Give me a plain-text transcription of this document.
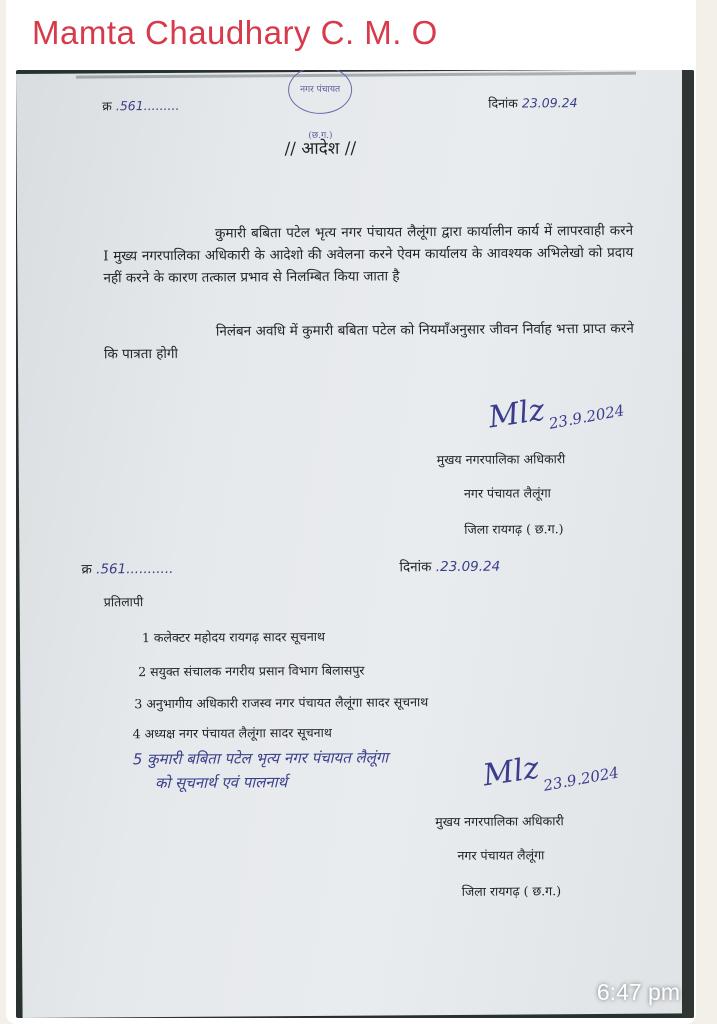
Mamta Chaudhary C. M. O
नगर पंचायत (छ.ग.)
क्र .561.........	दिनांक 23.09.24
// आदेश //
कुमारी बबिता पटेल भृत्य नगर पंचायत लैलूंगा द्वारा कार्यालीन कार्य में लापरवाही करने I मुख्य नगरपालिका अधिकारी के आदेशो की अवेलना करने ऐवम कार्यालय के आवश्यक अभिलेखो को प्रदाय नहीं करने के कारण तत्काल प्रभाव से निलम्बित किया जाता है
निलंबन अवधि में कुमारी बबिता पटेल को नियमाँअनुसार जीवन निर्वाह भत्ता प्राप्त करने कि पात्रता होगी
Mlz 23.9.2024
मुखय नगरपालिका अधिकारी
नगर पंचायत लैलूंगा
जिला रायगढ़ ( छ.ग.)
क्र .561...........	दिनांक .23.09.24
प्रतिलापी
1 कलेक्टर महोदय रायगढ़ सादर सूचनाथ
2 सयुक्त संचालक नगरीय प्रसान विभाग बिलासपुर
3 अनुभागीय अधिकारी राजस्व नगर पंचायत लैलूंगा सादर सूचनाथ
4 अध्यक्ष नगर पंचायत लैलूंगा सादर सूचनाथ
5 कुमारी बबिता पटेल भृत्य नगर पंचायत लैलूंगा
को सूचनार्थ एवं पालनार्थ	Mlz 23.9.2024
मुखय नगरपालिका अधिकारी
नगर पंचायत लैलूंगा
जिला रायगढ़ ( छ.ग.)
6:47 pm
